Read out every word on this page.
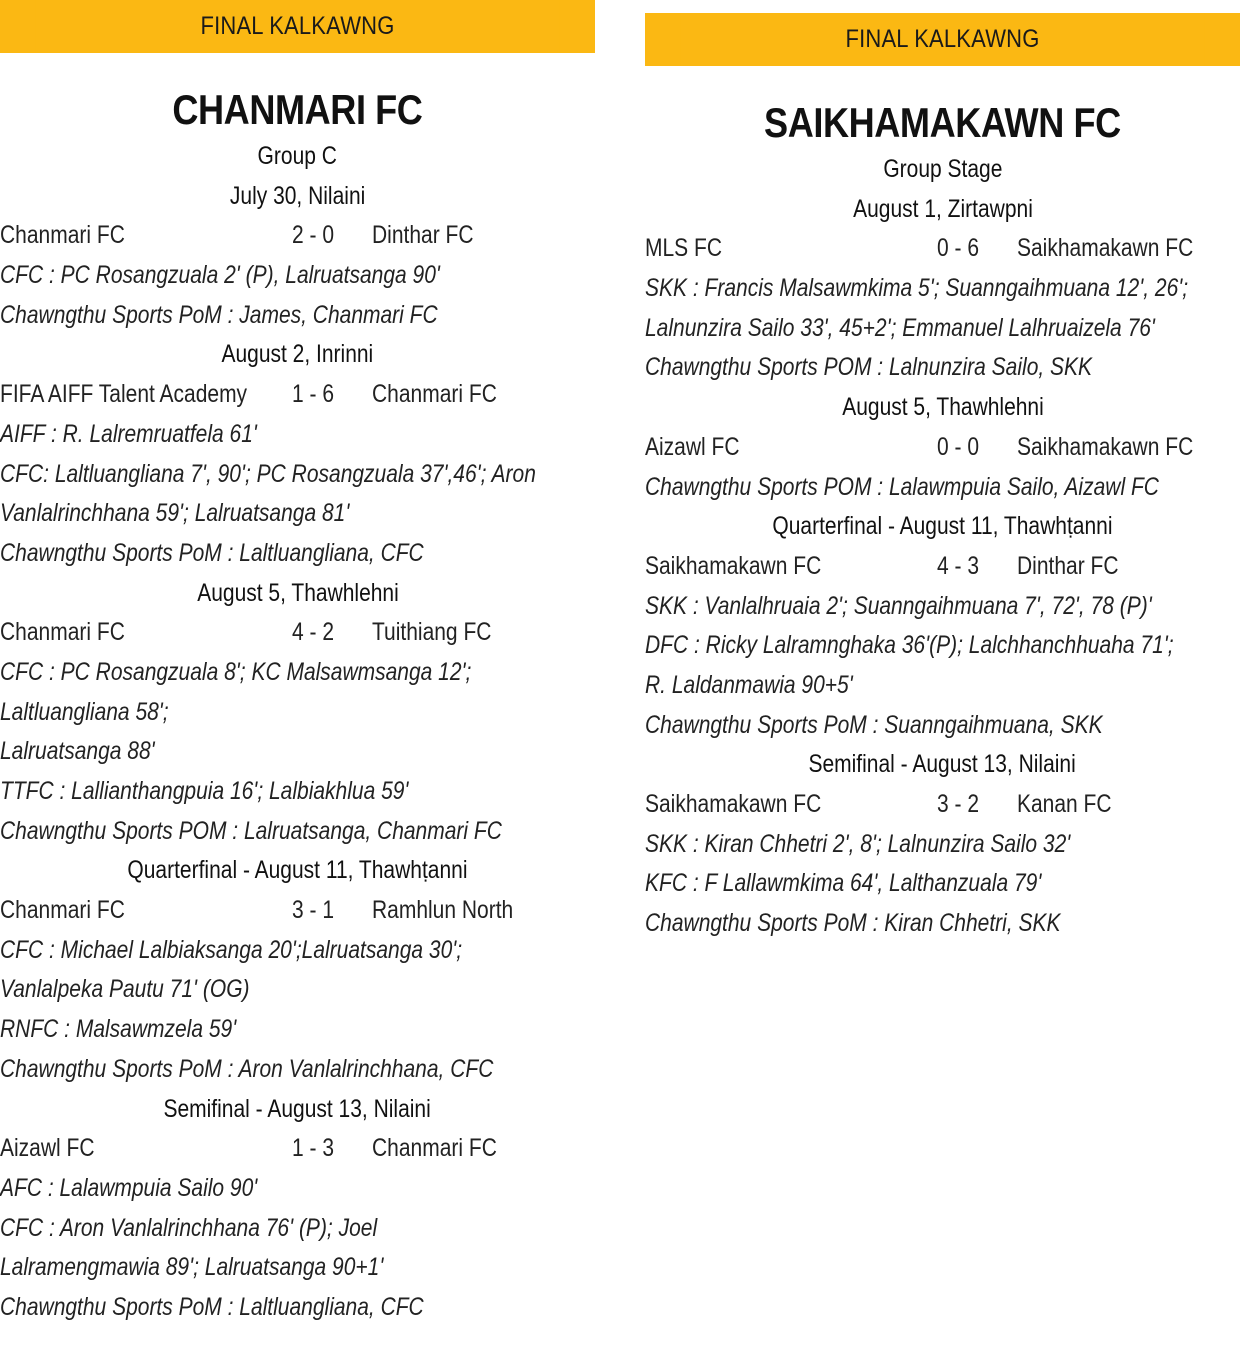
FINAL KALKAWNG
CHANMARI FC
Group C
July 30, Nilaini
Chanmari FC	2 - 0 Dinthar FC
CFC : PC Rosangzuala 2' (P), Lalruatsanga 90'
Chawngthu Sports PoM : James, Chanmari FC
August 2, Inrinni
FIFA AIFF Talent Academy 1 - 6 Chanmari FC
AIFF : R. Lalremruatfela 61'
CFC: Laltluangliana 7', 90'; PC Rosangzuala 37',46'; Aron
Vanlalrinchhana 59'; Lalruatsanga 81'
Chawngthu Sports PoM : Laltluangliana, CFC
August 5, Thawhlehni
Chanmari FC	4 - 2 Tuithiang FC
CFC : PC Rosangzuala 8'; KC Malsawmsanga 12';
Laltluangliana 58';
Lalruatsanga 88'
TTFC : Lallianthangpuia 16'; Lalbiakhlua 59'
Chawngthu Sports POM : Lalruatsanga, Chanmari FC
Quarterfinal - August 11, Thawhṭanni
Chanmari FC	3 - 1 Ramhlun North
CFC : Michael Lalbiaksanga 20';Lalruatsanga 30';
Vanlalpeka Pautu 71' (OG)
RNFC : Malsawmzela 59'
Chawngthu Sports PoM : Aron Vanlalrinchhana, CFC
Semifinal - August 13, Nilaini
Aizawl FC	1 - 3 Chanmari FC
AFC : Lalawmpuia Sailo 90'
CFC : Aron Vanlalrinchhana 76' (P); Joel
Lalramengmawia 89'; Lalruatsanga 90+1'
Chawngthu Sports PoM : Laltluangliana, CFC
FINAL KALKAWNG
SAIKHAMAKAWN FC
Group Stage
August 1, Zirtawpni
MLS FC	0 - 6 Saikhamakawn FC
SKK : Francis Malsawmkima 5'; Suanngaihmuana 12', 26';
Lalnunzira Sailo 33', 45+2'; Emmanuel Lalhruaizela 76'
Chawngthu Sports POM : Lalnunzira Sailo, SKK
August 5, Thawhlehni
Aizawl FC	0 - 0 Saikhamakawn FC
Chawngthu Sports POM : Lalawmpuia Sailo, Aizawl FC
Quarterfinal - August 11, Thawhṭanni
Saikhamakawn FC	4 - 3 Dinthar FC
SKK : Vanlalhruaia 2'; Suanngaihmuana 7', 72', 78 (P)'
DFC : Ricky Lalramnghaka 36'(P); Lalchhanchhuaha 71';
R. Laldanmawia 90+5'
Chawngthu Sports PoM : Suanngaihmuana, SKK
Semifinal - August 13, Nilaini
Saikhamakawn FC	3 - 2 Kanan FC
SKK : Kiran Chhetri 2', 8'; Lalnunzira Sailo 32'
KFC : F Lallawmkima 64', Lalthanzuala 79'
Chawngthu Sports PoM : Kiran Chhetri, SKK
